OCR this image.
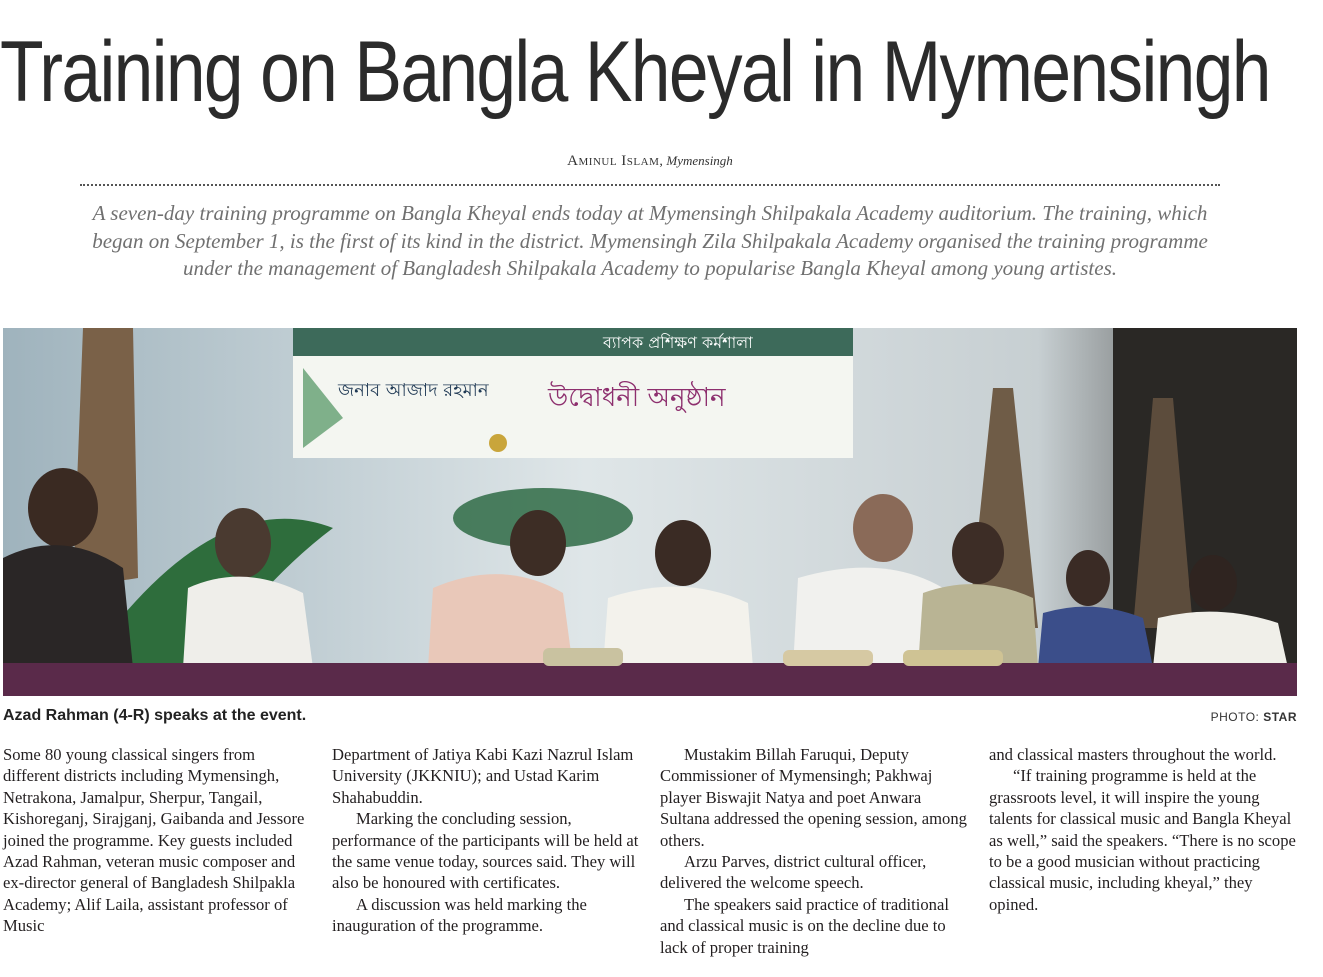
Training on Bangla Kheyal in Mymensingh
Aminul Islam, Mymensingh
A seven-day training programme on Bangla Kheyal ends today at Mymensingh Shilpakala Academy auditorium. The training, which began on September 1, is the first of its kind in the district. Mymensingh Zila Shilpakala Academy organised the training programme under the management of Bangladesh Shilpakala Academy to popularise Bangla Kheyal among young artistes.
ব্যাপক প্রশিক্ষণ কর্মশালা
জনাব আজাদ রহমান উদ্বোধনী অনুষ্ঠান
Azad Rahman (4-R) speaks at the event.	PHOTO: STAR

Some 80 young classical singers from different districts including Mymensingh, Netrakona, Jamalpur, Sherpur, Tangail, Kishoreganj, Sirajganj, Gaibanda and Jessore joined the programme. Key guests included Azad Rahman, veteran music composer and ex-director general of Bangladesh Shilpakla Academy; Alif Laila, assistant professor of Music

Department of Jatiya Kabi Kazi Nazrul Islam University (JKKNIU); and Ustad Karim Shahabuddin.

Marking the concluding session, performance of the participants will be held at the same venue today, sources said. They will also be honoured with certificates.

A discussion was held marking the inauguration of the programme.

Mustakim Billah Faruqui, Deputy Commissioner of Mymensingh; Pakhwaj player Biswajit Natya and poet Anwara Sultana addressed the opening session, among others.

Arzu Parves, district cultural officer, delivered the welcome speech.

The speakers said practice of traditional and classical music is on the decline due to lack of proper training

and classical masters throughout the world.

“If training programme is held at the grassroots level, it will inspire the young talents for classical music and Bangla Kheyal as well,” said the speakers. “There is no scope to be a good musician without practicing classical music, including kheyal,” they opined.
